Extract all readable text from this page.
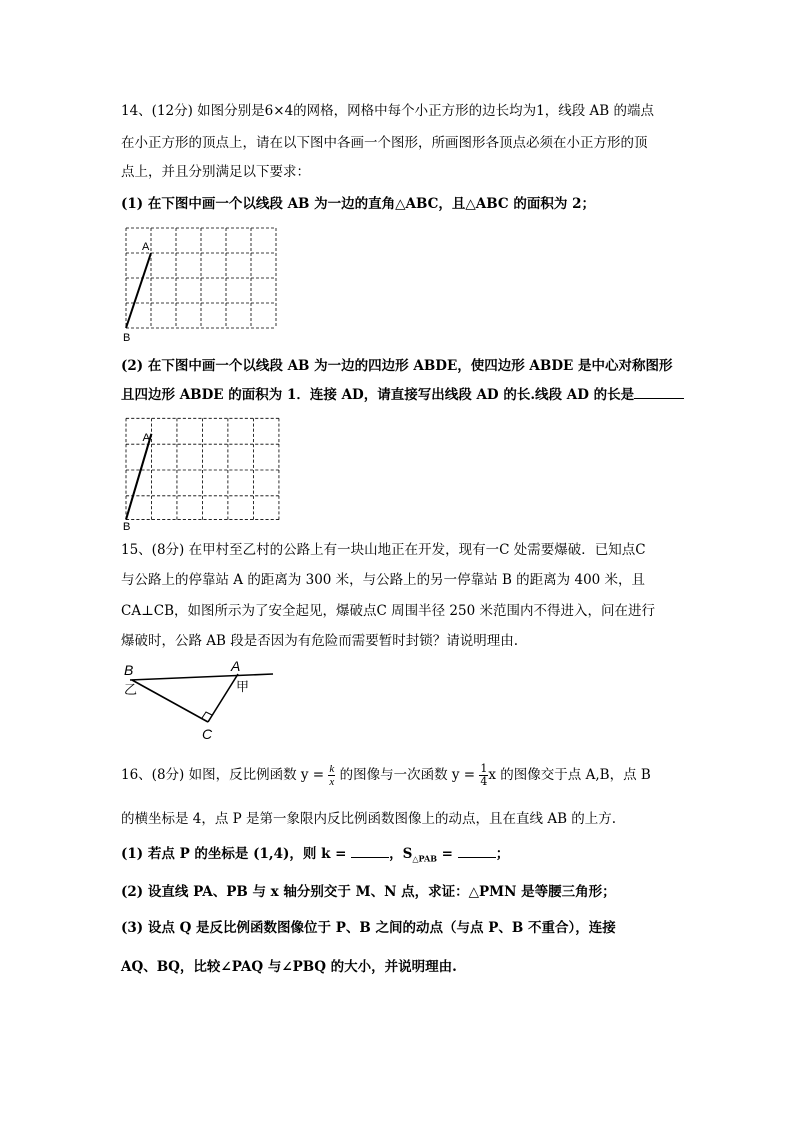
14、(12分) 如图分别是6×4的网格，网格中每个小正方形的边长均为1，线段 AB 的端点
在小正方形的顶点上，请在以下图中各画一个图形，所画图形各顶点必须在小正方形的顶
点上，并且分别满足以下要求：
(1) 在下图中画一个以线段 AB 为一边的直角△ABC，且△ABC 的面积为 2；
A
B
(2) 在下图中画一个以线段 AB 为一边的四边形 ABDE，使四边形 ABDE 是中心对称图形
且四边形 ABDE 的面积为 1．连接 AD，请直接写出线段 AD 的长.线段 AD 的长是
A
B
15、(8分) 在甲村至乙村的公路上有一块山地正在开发，现有一C 处需要爆破．已知点C
与公路上的停靠站 A 的距离为 300 米，与公路上的另一停靠站 B 的距离为 400 米，且
CA⊥CB，如图所示为了安全起见，爆破点C 周围半径 250 米范围内不得进入，问在进行
爆破时，公路 AB 段是否因为有危险而需要暂时封锁？请说明理由.
B	A
C
乙	甲
16、(8分) 如图，反比例函数 $y = \frac{k}{x}$ 的图像与一次函数 $y = \frac{1}{4}$ x 的图像交于点 A,B，点 B
的横坐标是 4，点 P 是第一象限内反比例函数图像上的动点，且在直线 AB 的上方.
(1) 若点 P 的坐标是 (1,4)，则 k =	，$S_{\triangle PAB}$ =	；
(2) 设直线 PA、PB 与 x 轴分别交于 M、N 点，求证：△PMN 是等腰三角形；
(3) 设点 Q 是反比例函数图像位于 P、B 之间的动点（与点 P、B 不重合），连接
AQ、BQ，比较∠PAQ 与∠PBQ 的大小，并说明理由.
